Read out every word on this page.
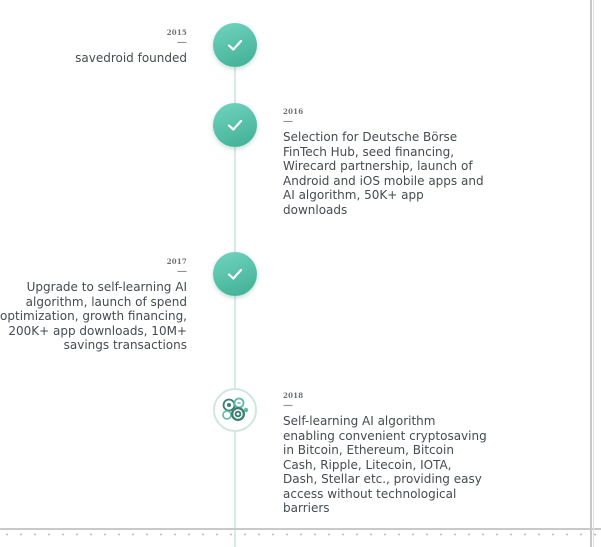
2015
—
savedroid founded
2016
—
Selection for Deutsche Börse FinTech Hub, seed financing, Wirecard partnership, launch of Android and iOS mobile apps and AI algorithm, 50K+ app downloads
2017
—
Upgrade to self-learning AI algorithm, launch of spend optimization, growth financing, 200K+ app downloads, 10M+ savings transactions
2018
—
Self-learning AI algorithm enabling convenient cryptosaving in Bitcoin, Ethereum, Bitcoin Cash, Ripple, Litecoin, IOTA, Dash, Stellar etc., providing easy access without technological barriers
